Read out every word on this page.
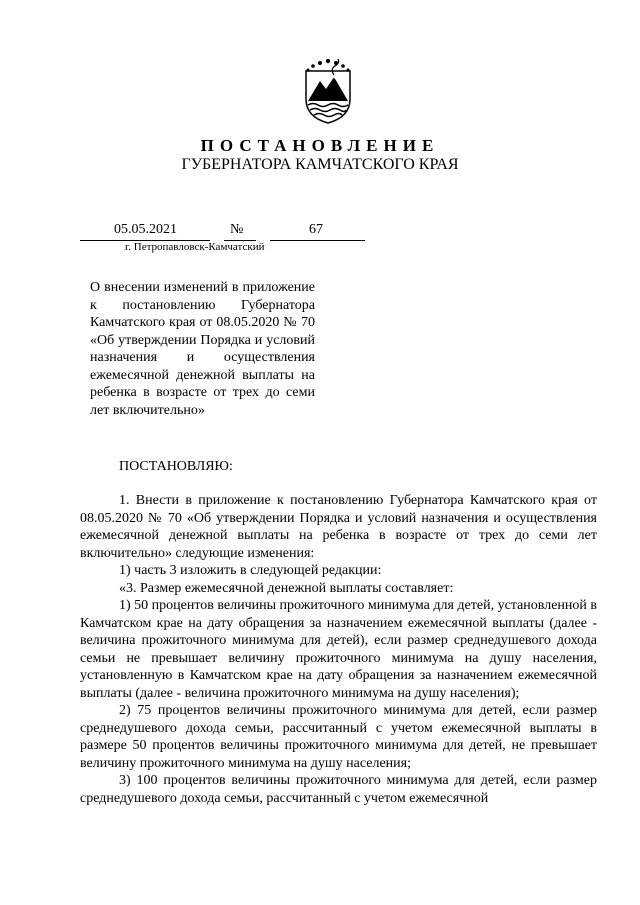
ПОСТАНОВЛЕНИЕ
ГУБЕРНАТОРА КАМЧАТСКОГО КРАЯ
05.05.2021	№	67
г. Петропавловск-Камчатский
О внесении изменений в приложение к постановлению Губернатора Камчатского края от 08.05.2020 № 70 «Об утверждении Порядка и условий назначения и осуществления ежемесячной денежной выплаты на ребенка в возрасте от трех до семи лет включительно»
ПОСТАНОВЛЯЮ:

1. Внести в приложение к постановлению Губернатора Камчатского края от 08.05.2020 № 70 «Об утверждении Порядка и условий назначения и осуществления ежемесячной денежной выплаты на ребенка в возрасте от трех до семи лет включительно» следующие изменения:

1) часть 3 изложить в следующей редакции:

«3. Размер ежемесячной денежной выплаты составляет:

1) 50 процентов величины прожиточного минимума для детей, установленной в Камчатском крае на дату обращения за назначением ежемесячной выплаты (далее - величина прожиточного минимума для детей), если размер среднедушевого дохода семьи не превышает величину прожиточного минимума на душу населения, установленную в Камчатском крае на дату обращения за назначением ежемесячной выплаты (далее - величина прожиточного минимума на душу населения);

2) 75 процентов величины прожиточного минимума для детей, если размер среднедушевого дохода семьи, рассчитанный с учетом ежемесячной выплаты в размере 50 процентов величины прожиточного минимума для детей, не превышает величину прожиточного минимума на душу населения;

3) 100 процентов величины прожиточного минимума для детей, если размер среднедушевого дохода семьи, рассчитанный с учетом ежемесячной
